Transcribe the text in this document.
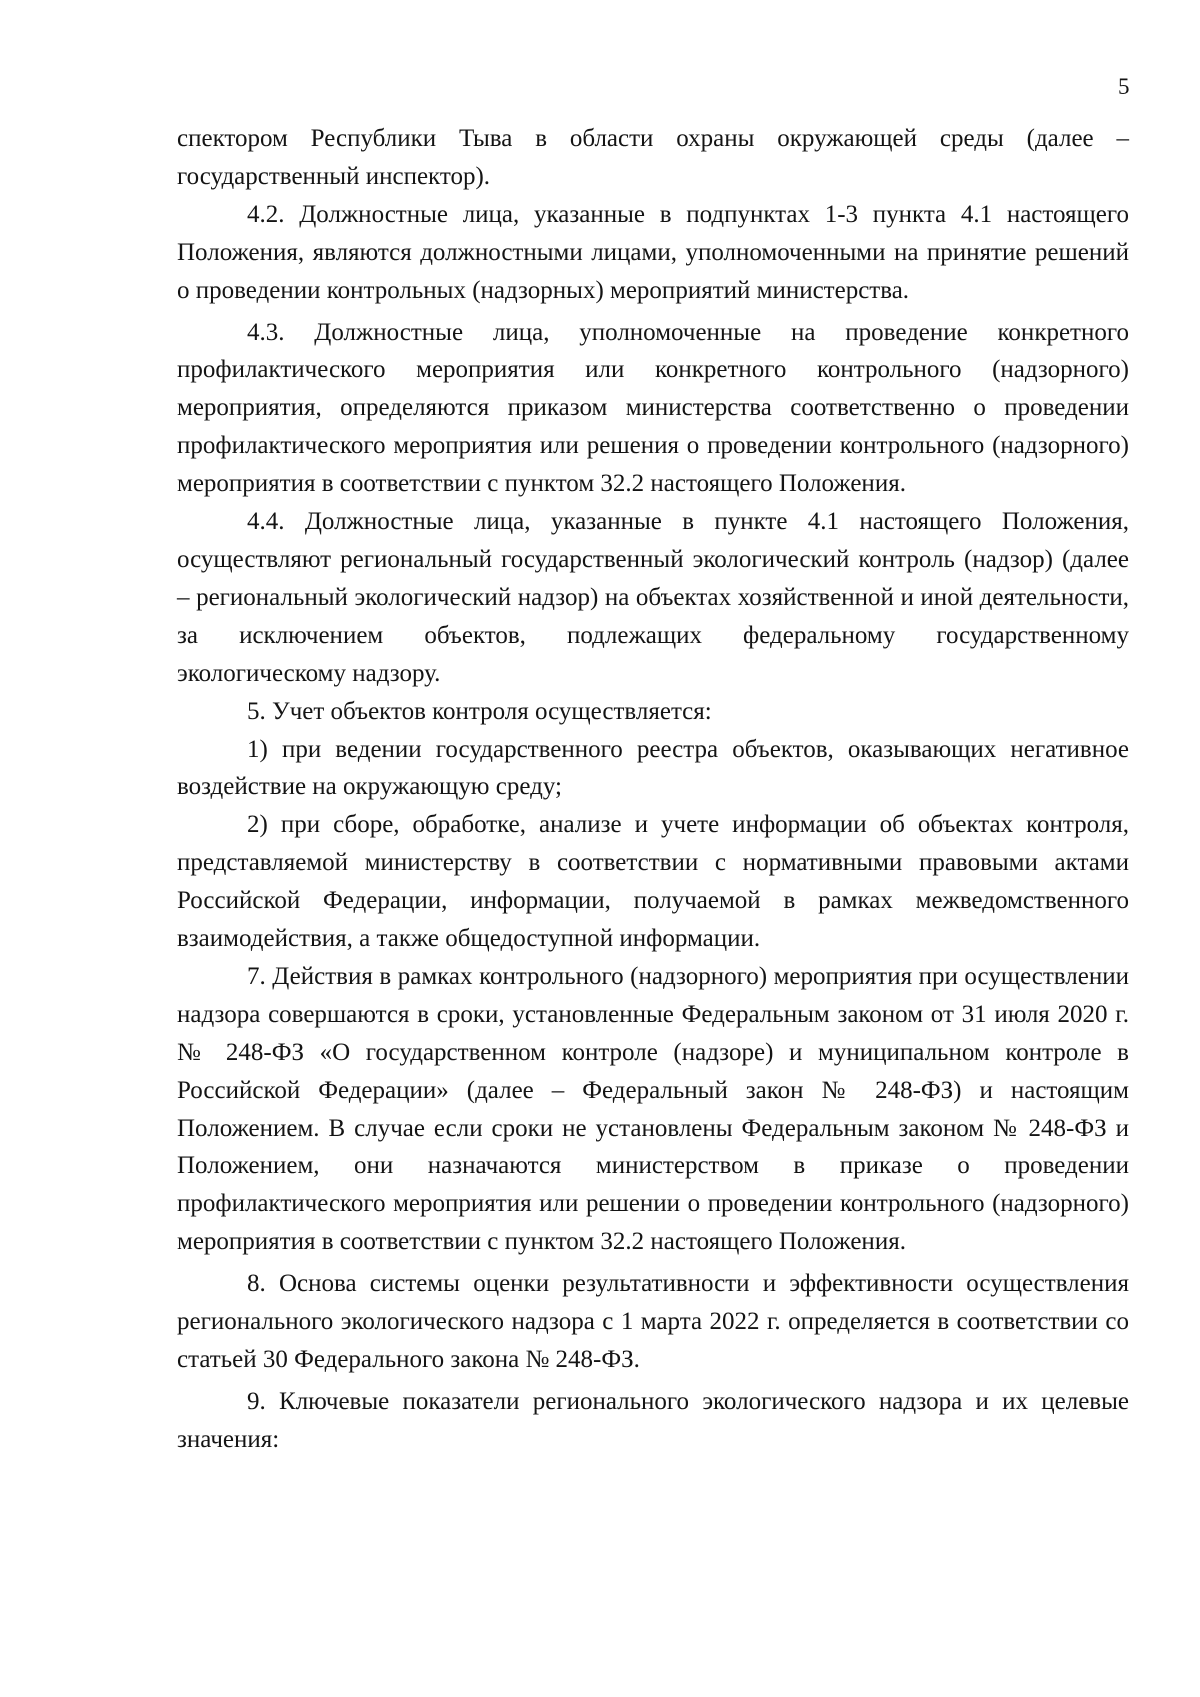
5

спектором Республики Тыва в области охраны окружающей среды (далее – государственный инспектор).

4.2. Должностные лица, указанные в подпунктах 1-3 пункта 4.1 настоящего Положения, являются должностными лицами, уполномоченными на принятие решений о проведении контрольных (надзорных) мероприятий министерства.

4.3. Должностные лица, уполномоченные на проведение конкретного профилактического мероприятия или конкретного контрольного (надзорного) мероприятия, определяются приказом министерства соответственно о проведении профилактического мероприятия или решения о проведении контрольного (надзорного) мероприятия в соответствии с пунктом 32.2 настоящего Положения.

4.4. Должностные лица, указанные в пункте 4.1 настоящего Положения, осуществляют региональный государственный экологический контроль (надзор) (далее – региональный экологический надзор) на объектах хозяйственной и иной деятельности, за исключением объектов, подлежащих федеральному государственному экологическому надзору.

5. Учет объектов контроля осуществляется:

1) при ведении государственного реестра объектов, оказывающих негативное воздействие на окружающую среду;

2) при сборе, обработке, анализе и учете информации об объектах контроля, представляемой министерству в соответствии с нормативными правовыми актами Российской Федерации, информации, получаемой в рамках межведомственного взаимодействия, а также общедоступной информации.

7. Действия в рамках контрольного (надзорного) мероприятия при осуществлении надзора совершаются в сроки, установленные Федеральным законом от 31 июля 2020 г. № 248-ФЗ «О государственном контроле (надзоре) и муниципальном контроле в Российской Федерации» (далее – Федеральный закон № 248-ФЗ) и настоящим Положением. В случае если сроки не установлены Федеральным законом № 248-ФЗ и Положением, они назначаются министерством в приказе о проведении профилактического мероприятия или решении о проведении контрольного (надзорного) мероприятия в соответствии с пунктом 32.2 настоящего Положения.

8. Основа системы оценки результативности и эффективности осуществления регионального экологического надзора с 1 марта 2022 г. определяется в соответствии со статьей 30 Федерального закона № 248-ФЗ.

9. Ключевые показатели регионального экологического надзора и их целевые значения:
